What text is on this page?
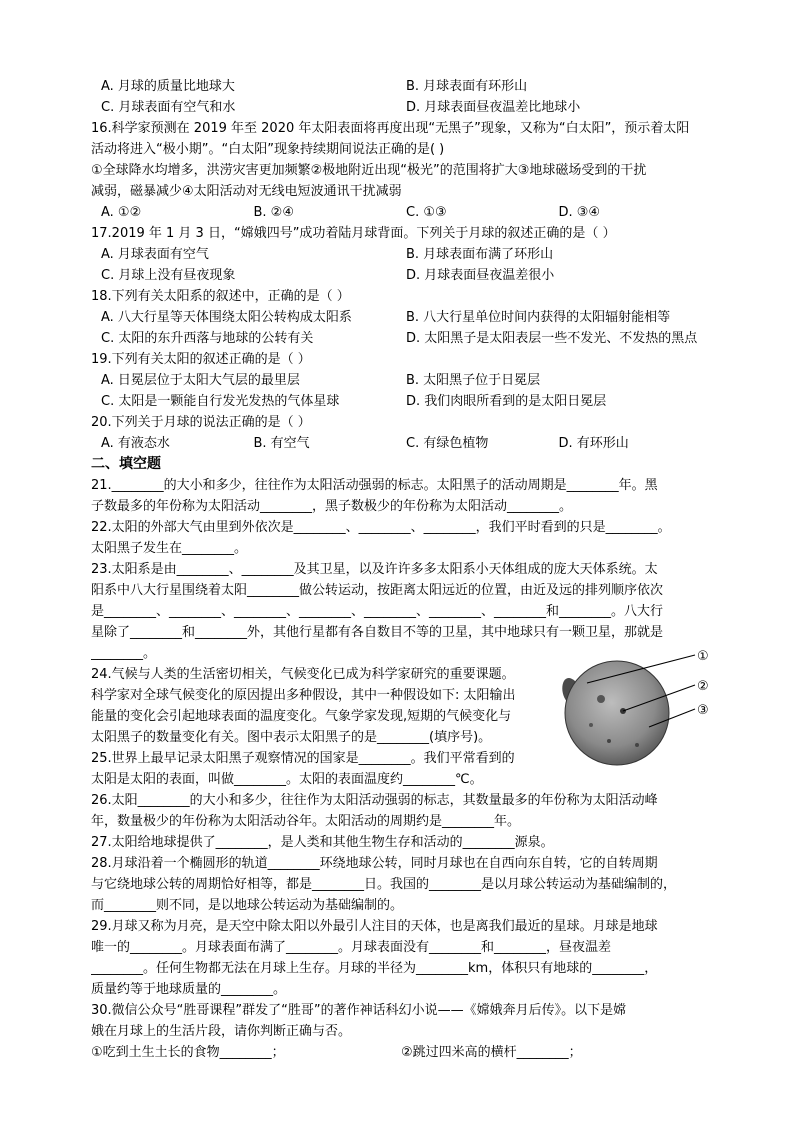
A. 月球的质量比地球大	B. 月球表面有环形山
C. 月球表面有空气和水	D. 月球表面昼夜温差比地球小
16.科学家预测在 2019 年至 2020 年太阳表面将再度出现“无黑子”现象，又称为“白太阳”，预示着太阳
活动将进入“极小期”。“白太阳”现象持续期间说法正确的是( )
①全球降水均增多，洪涝灾害更加频繁②极地附近出现“极光”的范围将扩大③地球磁场受到的干扰
减弱，磁暴减少④太阳活动对无线电短波通讯干扰减弱
A. ①②	B. ②④	C. ①③	D. ③④
17.2019 年 1 月 3 日，“嫦娥四号”成功着陆月球背面。下列关于月球的叙述正确的是（ ）
A. 月球表面有空气	B. 月球表面布满了环形山
C. 月球上没有昼夜现象	D. 月球表面昼夜温差很小
18.下列有关太阳系的叙述中，正确的是（ ）
A. 八大行星等天体围绕太阳公转构成太阳系	B. 八大行星单位时间内获得的太阳辐射能相等
C. 太阳的东升西落与地球的公转有关	D. 太阳黑子是太阳表层一些不发光、不发热的黑点
19.下列有关太阳的叙述正确的是（ ）
A. 日冕层位于太阳大气层的最里层	B. 太阳黑子位于日冕层
C. 太阳是一颗能自行发光发热的气体星球	D. 我们肉眼所看到的是太阳日冕层
20.下列关于月球的说法正确的是（ ）
A. 有液态水	B. 有空气	C. 有绿色植物	D. 有环形山
二、填空题
21.________的大小和多少，往往作为太阳活动强弱的标志。太阳黑子的活动周期是________年。黑
子数最多的年份称为太阳活动________，黑子数极少的年份称为太阳活动________。
22.太阳的外部大气由里到外依次是________、________、________，我们平时看到的只是________。
太阳黑子发生在________。
23.太阳系是由________、________及其卫星，以及许许多多太阳系小天体组成的庞大天体系统。太
阳系中八大行星围绕着太阳________做公转运动，按距离太阳远近的位置，由近及远的排列顺序依次
是________、________、________、________、________、________、________和________。八大行
星除了________和________外，其他行星都有各自数目不等的卫星，其中地球只有一颗卫星，那就是
________。
24.气候与人类的生活密切相关，气候变化已成为科学家研究的重要课题。
科学家对全球气候变化的原因提出多种假设，其中一种假设如下: 太阳输出
能量的变化会引起地球表面的温度变化。气象学家发现,短期的气候变化与
太阳黑子的数量变化有关。图中表示太阳黑子的是________(填序号)。
25.世界上最早记录太阳黑子观察情况的国家是________。我们平常看到的
太阳是太阳的表面，叫做________。太阳的表面温度约________℃。
26.太阳________的大小和多少，往往作为太阳活动强弱的标志，其数量最多的年份称为太阳活动峰
年，数量极少的年份称为太阳活动谷年。太阳活动的周期约是________年。
27.太阳给地球提供了________，是人类和其他生物生存和活动的________源泉。
28.月球沿着一个椭圆形的轨道________环绕地球公转，同时月球也在自西向东自转，它的自转周期
与它绕地球公转的周期恰好相等，都是________日。我国的________是以月球公转运动为基础编制的，
而________则不同，是以地球公转运动为基础编制的。
29.月球又称为月亮，是天空中除太阳以外最引人注目的天体，也是离我们最近的星球。月球是地球
唯一的________。月球表面布满了________。月球表面没有________和________，昼夜温差
________。任何生物都无法在月球上生存。月球的半径为________km，体积只有地球的________，
质量约等于地球质量的________。
30.微信公众号“胜哥课程”群发了“胜哥”的著作神话科幻小说——《嫦娥奔月后传》。以下是嫦
娥在月球上的生活片段，请你判断正确与否。
①吃到土生土长的食物________；	②跳过四米高的横杆________；
①
②
③
